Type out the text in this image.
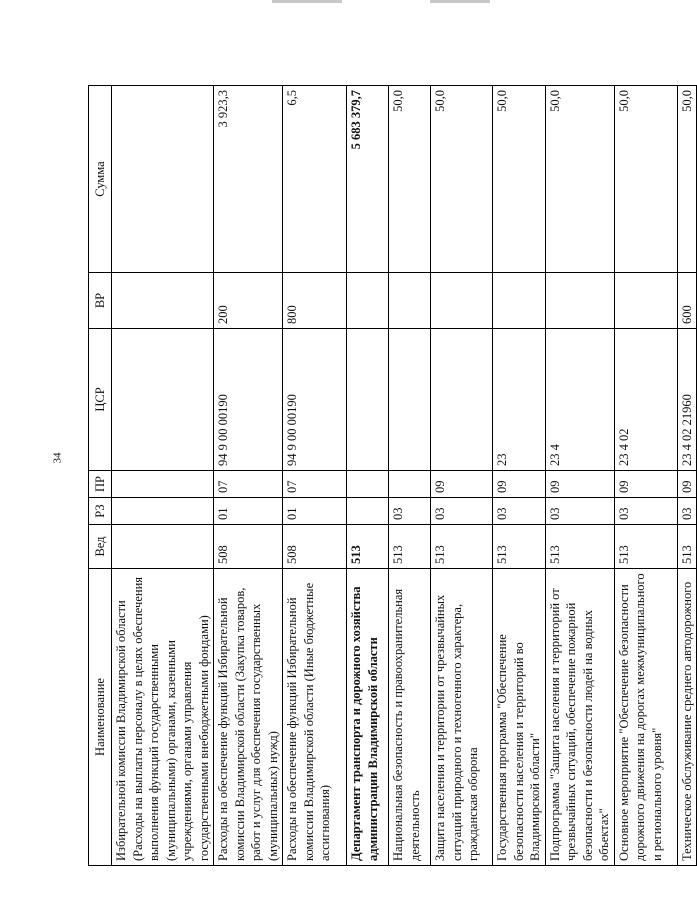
34
Наименование	Вед	РЗ	ПР	ЦСР	ВР	Сумма
Избирательной комиссии Владимирской области (Расходы на выплаты персоналу в целях обеспечения выполнения функций государственными (муниципальными) органами, казенными учреждениями, органами управления государственными внебюджетными фондами)						
Расходы на обеспечение функций Избирательной комиссии Владимирской области (Закупка товаров, работ и услуг для обеспечения государственных (муниципальных) нужд)	508	01	07	94 9 00 00190	200	3 923,3
Расходы на обеспечение функций Избирательной комиссии Владимирской области (Иные бюджетные ассигнования)	508	01	07	94 9 00 00190	800	6,5
Департамент транспорта и дорожного хозяйства администрации Владимирской области	513					5 683 379,7
Национальная безопасность и правоохранительная деятельность	513	03				50,0
Защита населения и территории от чрезвычайных ситуаций природного и техногенного характера, гражданская оборона	513	03	09			50,0
Государственная программа "Обеспечение безопасности населения и территорий во Владимирской области"	513	03	09	23		50,0
Подпрограмма "Защита населения и территорий от чрезвычайных ситуаций, обеспечение пожарной безопасности и безопасности людей на водных объектах"	513	03	09	23 4		50,0
Основное мероприятие "Обеспечение безопасности дорожного движения на дорогах межмуниципального и регионального уровня"	513	03	09	23 4 02		50,0
Техническое обслуживание среднего автодорожного	513	03	09	23 4 02 21960	600	50,0
